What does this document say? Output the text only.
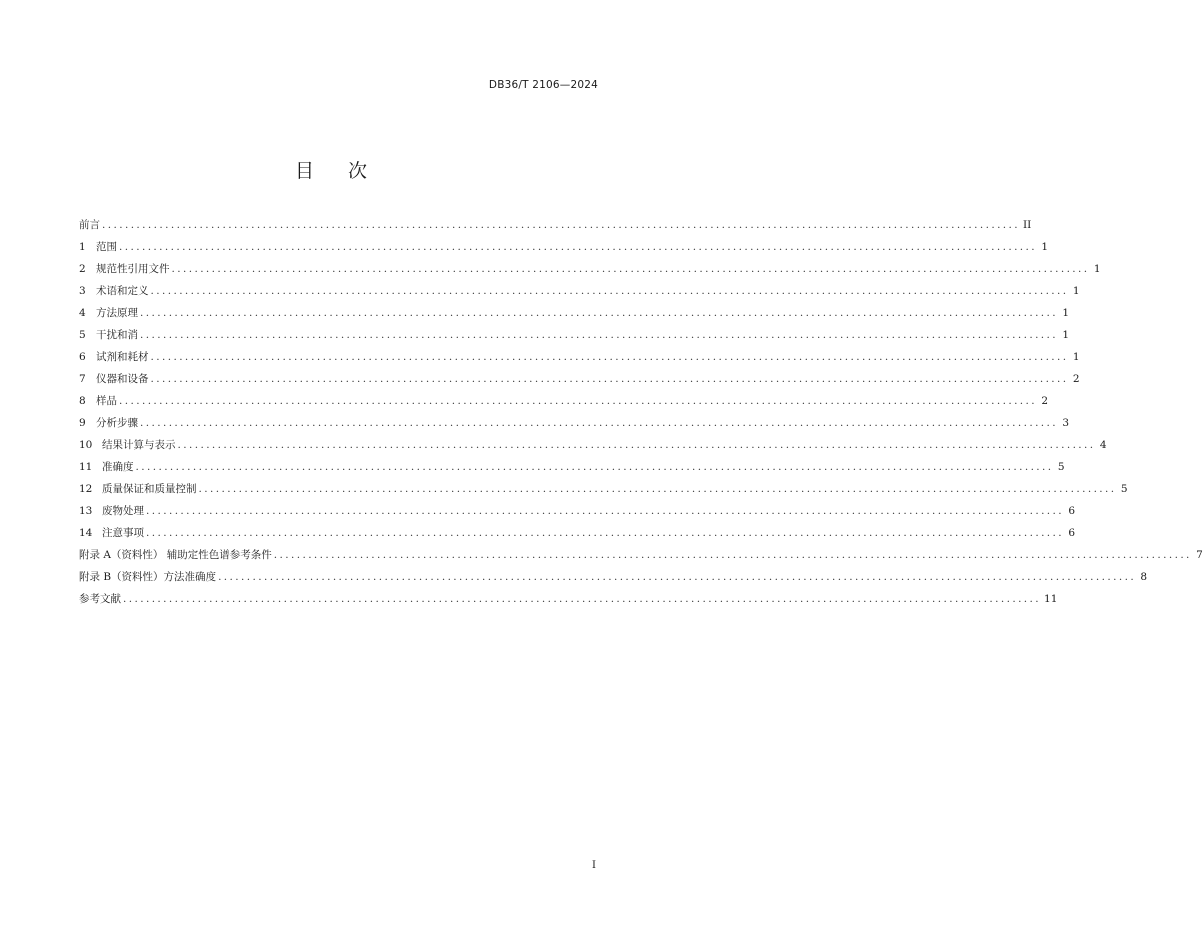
DB36/T 2106—2024
目 次
前言 ................................................................................................................................................................ II
1 范围 ................................................................................................................................................................ 1
2 规范性引用文件 ................................................................................................................................................................ 1
3 术语和定义 ................................................................................................................................................................ 1
4 方法原理 ................................................................................................................................................................ 1
5 干扰和消 ................................................................................................................................................................ 1
6 试剂和耗材 ................................................................................................................................................................ 1
7 仪器和设备 ................................................................................................................................................................ 2
8 样品 ................................................................................................................................................................ 2
9 分析步骤 ................................................................................................................................................................ 3
10 结果计算与表示 ................................................................................................................................................................ 4
11 准确度 ................................................................................................................................................................ 5
12 质量保证和质量控制 ................................................................................................................................................................ 5
13 废物处理 ................................................................................................................................................................ 6
14 注意事项 ................................................................................................................................................................ 6
附录 A（资料性） 辅助定性色谱参考条件 ................................................................................................................................................................ 7
附录 B（资料性）方法准确度 ................................................................................................................................................................ 8
参考文献 ................................................................................................................................................................ 11
I
